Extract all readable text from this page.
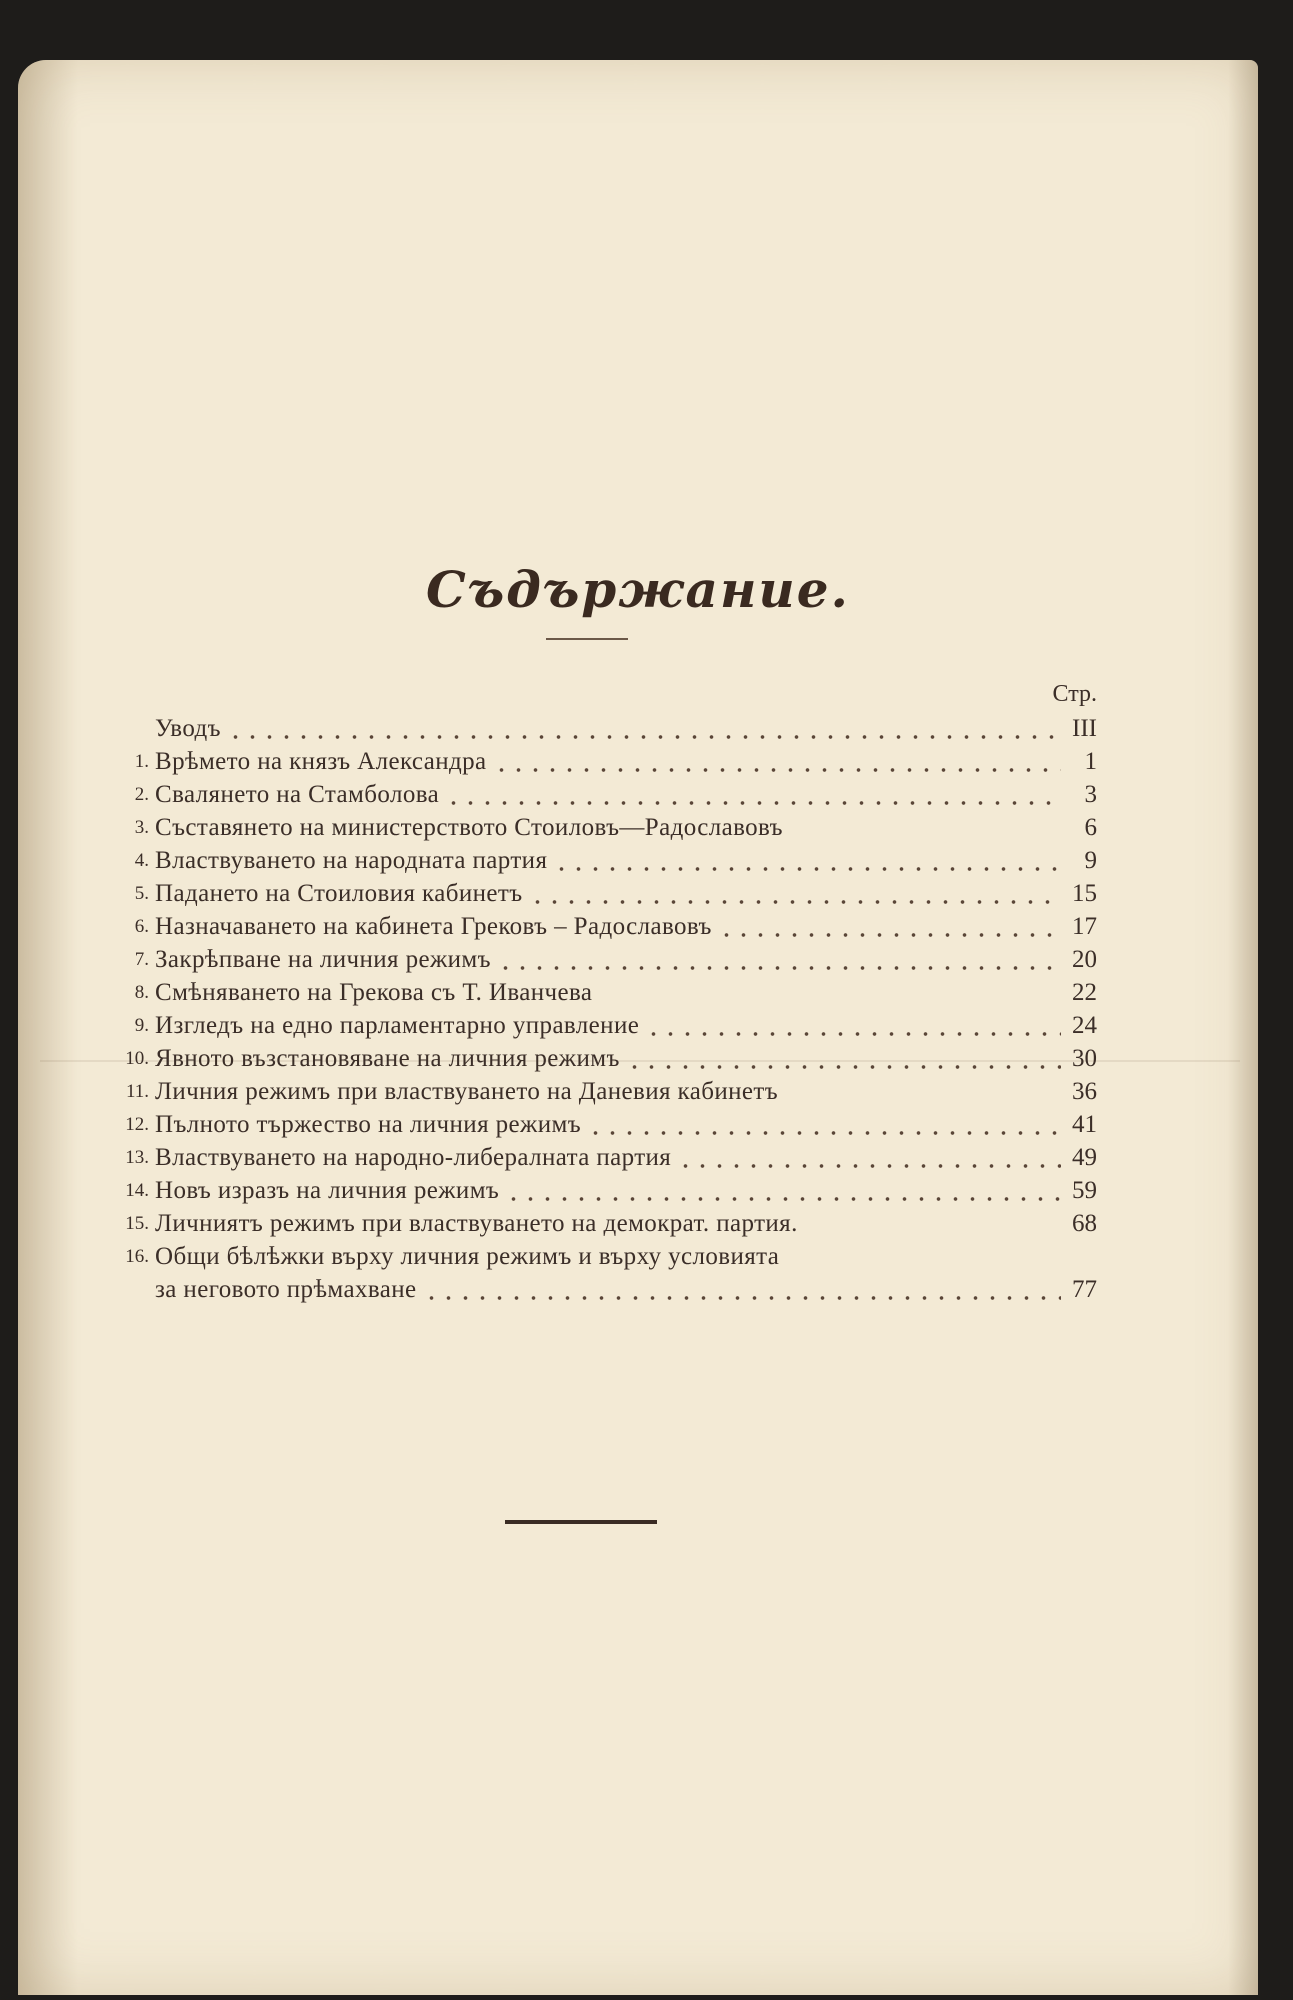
Съдържание.
Стр.
Уводъ	III
1. Врѣмето на князъ Александра	1
2. Свалянето на Стамболова	3
3. Съставянето на министерството Стоиловъ—Радославовъ	6
4. Властвуването на народната партия	9
5. Падането на Стоиловия кабинетъ	15
6. Назначаването на кабинета Грековъ – Радославовъ	17
7. Закрѣпване на личния режимъ	20
8. Смѣняването на Грекова съ Т. Иванчева	22
9. Изгледъ на едно парламентарно управление	24
10. Явното възстановяване на личния режимъ	30
11. Личния режимъ при властвуването на Даневия кабинетъ	36
12. Пълното тържество на личния режимъ	41
13. Властвуването на народно-либералната партия	49
14. Новъ изразъ на личния режимъ	59
15. Личниятъ режимъ при властвуването на демократ. партия.	68
16. Общи бѣлѣжки върху личния режимъ и върху условията
за неговото прѣмахване	77
